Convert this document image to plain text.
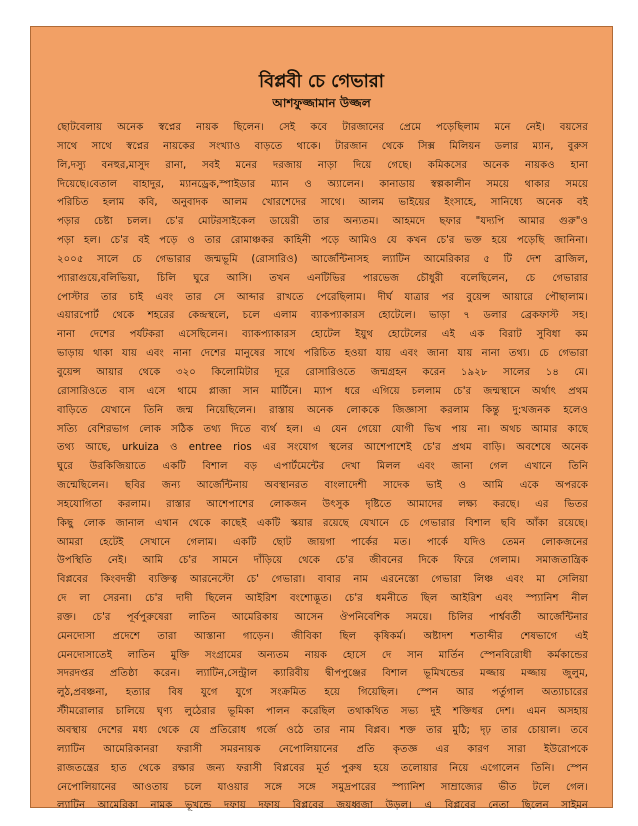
বিপ্লবী চে গেভারা
আশফুজ্জামান উজ্জল
ছোটবেলায় অনেক স্বপ্নের নায়ক ছিলেন। সেই কবে টারজানের প্রেমে পড়েছিলাম মনে নেই। বয়সের
সাথে সাথে স্বপ্নের নায়কের সংখ্যাও বাড়তে থাকে। টারজান থেকে সিক্স মিলিয়ন ডলার ম্যান, বুরুস
লি,দস্যু বনহুর,মাসুদ রানা, সবই মনের দরজায় নাড়া দিয়ে গেছে। কমিকসের অনেক নায়কও হানা
দিয়েছে।বেতাল বাহাদুর, ম্যানড্রেক,স্পাইডার ম্যান ও অ্যালেন। কানাডায় স্বল্পকালীন সময়ে থাকার সময়ে
পরিচিত হলাম কবি, অনুবাদক আলম খোরশেদের সাথে। আলম ভাইয়ের ইংসাহে, সানিধ্যে অনেক বই
পড়ার চেষ্টা চলল। চে'র মোটরসাইকেল ডায়েরী তার অন্যতম। আহমদে ছফার "যদ্যপি আমার গুরু"ও
পড়া হল। চে'র বই পড়ে ও তার রোমাঞ্চকর কাহিনী পড়ে আমিও যে কখন চে'র ভক্ত হয়ে পড়েছি জানিনা।
২০০৫ সালে চে গেভারার জন্মভূমি (রোসারিও) আর্জেন্টিনাসহ ল্যাটিন আমেরিকার ৫ টি দেশ ব্রাজিল,
প্যারাগুয়ে,বলিভিয়া, চিলি ঘুরে আসি। তখন এনটিভির পারভেজ চৌধুরী বলেছিলেন, চে গেভারার
পোস্টার তার চাই এবং তার সে আব্দার রাখতে পেরেছিলাম। দীর্ঘ যাত্রার পর বুয়েন্স আয়ারে পৌছালাম।
এয়ারপোর্ট থেকে শহরের কেন্দ্রস্থলে, চলে এলাম ব্যাকপ্যাকারস হোটেলে। ভাড়া ৭ ডলার ব্রেকফাস্ট সহ।
নানা দেশের পর্যটকরা এসেছিলেন। ব্যাকপ্যাকারস হোটেল ইয়ুথ হোটেলের এই এক বিরাট সুবিধা কম
ভাড়ায় থাকা যায় এবং নানা দেশের মানুষের সাথে পরিচিত হওয়া যায় এবং জানা যায় নানা তথ্য। চে গেভারা
বুয়েন্স আয়ার থেকে ৩২০ কিলোমিটার দূরে রোসারিওতে জন্মগ্রহন করেন ১৯২৮ সালের ১৪ মে।
রোসারিওতে বাস এসে থামে প্লাজা সান মার্টিনে। ম্যাপ ধরে এগিয়ে চললাম চে'র জন্মস্থানে অর্থাৎ প্রথম
বাড়িতে যেখানে তিনি জন্ম নিয়েছিলেন। রাস্তায় অনেক লোককে জিজ্ঞাসা করলাম কিন্তু দু:খজনক হলেও
সত্যি বেশিরভাগ লোক সঠিক তথ্য দিতে ব্যর্থ হল। এ যেন গেয়ো যোগী ভিখ পায় না। অথচ আমার কাছে
তথ্য আছে, urkuiza ও entree rios এর সংযোগ স্থলের আশেপাশেই চে'র প্রথম বাড়ি। অবশেষে অনেক
ঘুরে উরকিজিয়াতে একটি বিশাল বড় এপার্টমেন্টের দেখা মিলল এবং জানা গেল এখানে তিনি
জন্মেছিলেন। ছবির জন্য আর্জেন্টিনায় অবস্থানরত বাংলাদেশী সাদেক ভাই ও আমি একে অপরকে
সহযোগিতা করলাম। রাস্তার আশেপাশের লোকজন উৎসুক দৃষ্টিতে আমাদের লক্ষ্য করছে। এর ভিতর
কিছু লোক জানাল এখান থেকে কাছেই একটি স্কয়ার রয়েছে যেখানে চে গেভারার বিশাল ছবি আঁকা রয়েছে।
আমরা হেটেই সেখানে গেলাম। একটি ছোট জায়গা পার্কের মত। পার্কে যদিও তেমন লোকজনের
উপস্থিতি নেই। আমি চে'র সামনে দাঁড়িয়ে থেকে চে'র জীবনের দিকে ফিরে গেলাম। সমাজতান্ত্রিক
বিপ্লবের কিংবদন্তী ব্যক্তিত্ব আরনেস্টো চে' গেভারা। বাবার নাম এরনেস্তো গেভারা লিঞ্চ এবং মা সেলিয়া
দে লা সেরনা। চে'র দাদী ছিলেন আইরিশ বংশোদ্ভূত। চে'র ধমনীতে ছিল আইরিশ এবং স্প্যানিশ নীল
রক্ত। চে'র পূর্বপুরুষেরা লাতিন আমেরিকায় আসেন ঔপনিবেশিক সময়ে। চিলির পার্শ্ববর্তী আর্জেন্টিনার
মেনদোসা প্রদেশে তারা আস্তানা গাড়েন। জীবিকা ছিল কৃষিকর্ম। অষ্টাদশ শতাব্দীর শেষভাগে এই
মেনদোসাতেই লাতিন মুক্তি সংগ্রামের অন্যতম নায়ক হোসে দে সান মার্তিন স্পেনবিরোধী কর্মকান্ডের
সদরদপ্তর প্রতিষ্ঠা করেন। ল্যাটিন,সেন্ট্রাল ক্যারিবীয় দ্বীপপুঞ্জের বিশাল ভূমিখন্ডের মজ্জায় মজ্জায় জুলুম,
লুঠ,প্রবঞ্চনা, হত্যার বিষ যুগে যুগে সংক্রমিত হয়ে গিয়েছিল। স্পেন আর পর্তুগাল অত্যাচারের
স্টীমরোলার চালিয়ে ঘৃণ্য লুঠেরার ভূমিকা পালন করেছিল তথাকথিত সভ্য দুই শক্তিধর দেশ। এমন অসহায়
অবস্থায় দেশের মধ্য থেকে যে প্রতিরোধ গর্জে ওঠে তার নাম বিপ্লব। শক্ত তার মুঠি; দৃঢ় তার চোয়াল। তবে
ল্যাটিন আমেরিকানরা ফরাসী সমরনায়ক নেপোলিয়ানের প্রতি কৃতজ্ঞ এর কারণ সারা ইউরোপকে
রাজতন্ত্রের হাত থেকে রক্ষার জন্য ফরাসী বিপ্লবের মূর্ত পুরুষ হয়ে তলোয়ার নিয়ে এগোলেন তিনি। স্পেন
নেপোলিয়ানের আওতায় চলে যাওয়ার সঙ্গে সঙ্গে সমুদ্রপারের স্প্যানিশ সাম্রাজ্যের ভীত টলে গেল।
ল্যাটিন আমেরিকা নামক ভূখন্ডে দফায় দফায় বিপ্লবের জয়ধ্বজা উড়ল। এ বিপ্লবের নেতা ছিলেন সাইমন
